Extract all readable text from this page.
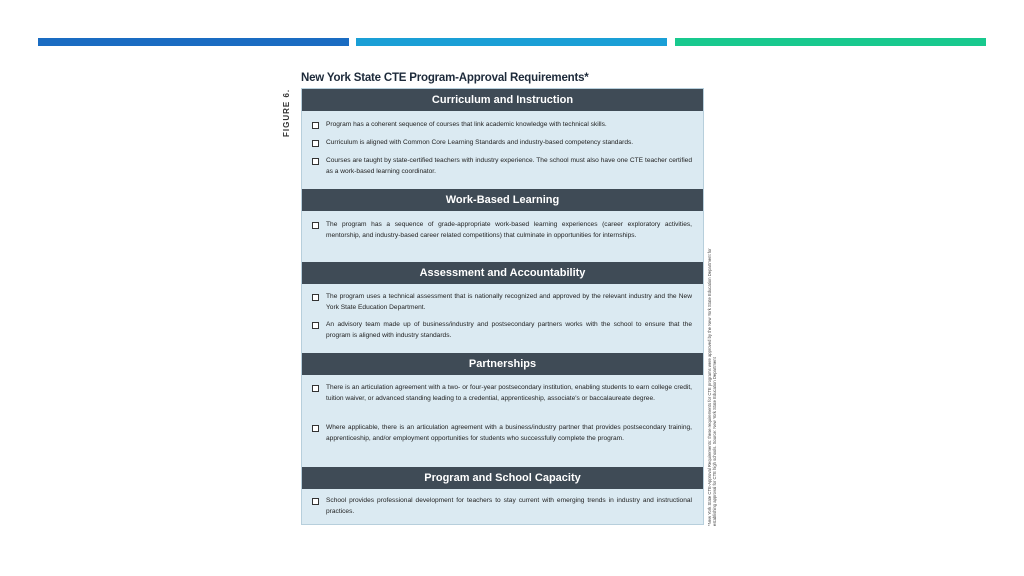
FIGURE 6.
New York State CTE Program-Approval Requirements*
Curriculum and Instruction
Program has a coherent sequence of courses that link academic knowledge with technical skills.
Curriculum is aligned with Common Core Learning Standards and industry-based competency standards.
Courses are taught by state-certified teachers with industry experience. The school must also have one CTE teacher certified as a work-based learning coordinator.
Work-Based Learning
The program has a sequence of grade-appropriate work-based learning experiences (career exploratory activities, mentorship, and industry-based career related competitions) that culminate in opportunities for internships.
Assessment and Accountability
The program uses a technical assessment that is nationally recognized and approved by the relevant industry and the New York State Education Department.
An advisory team made up of business/industry and postsecondary partners works with the school to ensure that the program is aligned with industry standards.
Partnerships
There is an articulation agreement with a two- or four-year postsecondary institution, enabling students to earn college credit, tuition waiver, or advanced standing leading to a credential, apprenticeship, associate's or baccalaureate degree.
Where applicable, there is an articulation agreement with a business/industry partner that provides postsecondary training, apprenticeship, and/or employment opportunities for students who successfully complete the program.
Program and School Capacity
School provides professional development for teachers to stay current with emerging trends in industry and instructional practices.	*New York State CTE-Approval Requirements: these requirements for CTE programs were approved by the New York State Education Department for establishing approval for CTE high schools. Source: New York State Education Department
